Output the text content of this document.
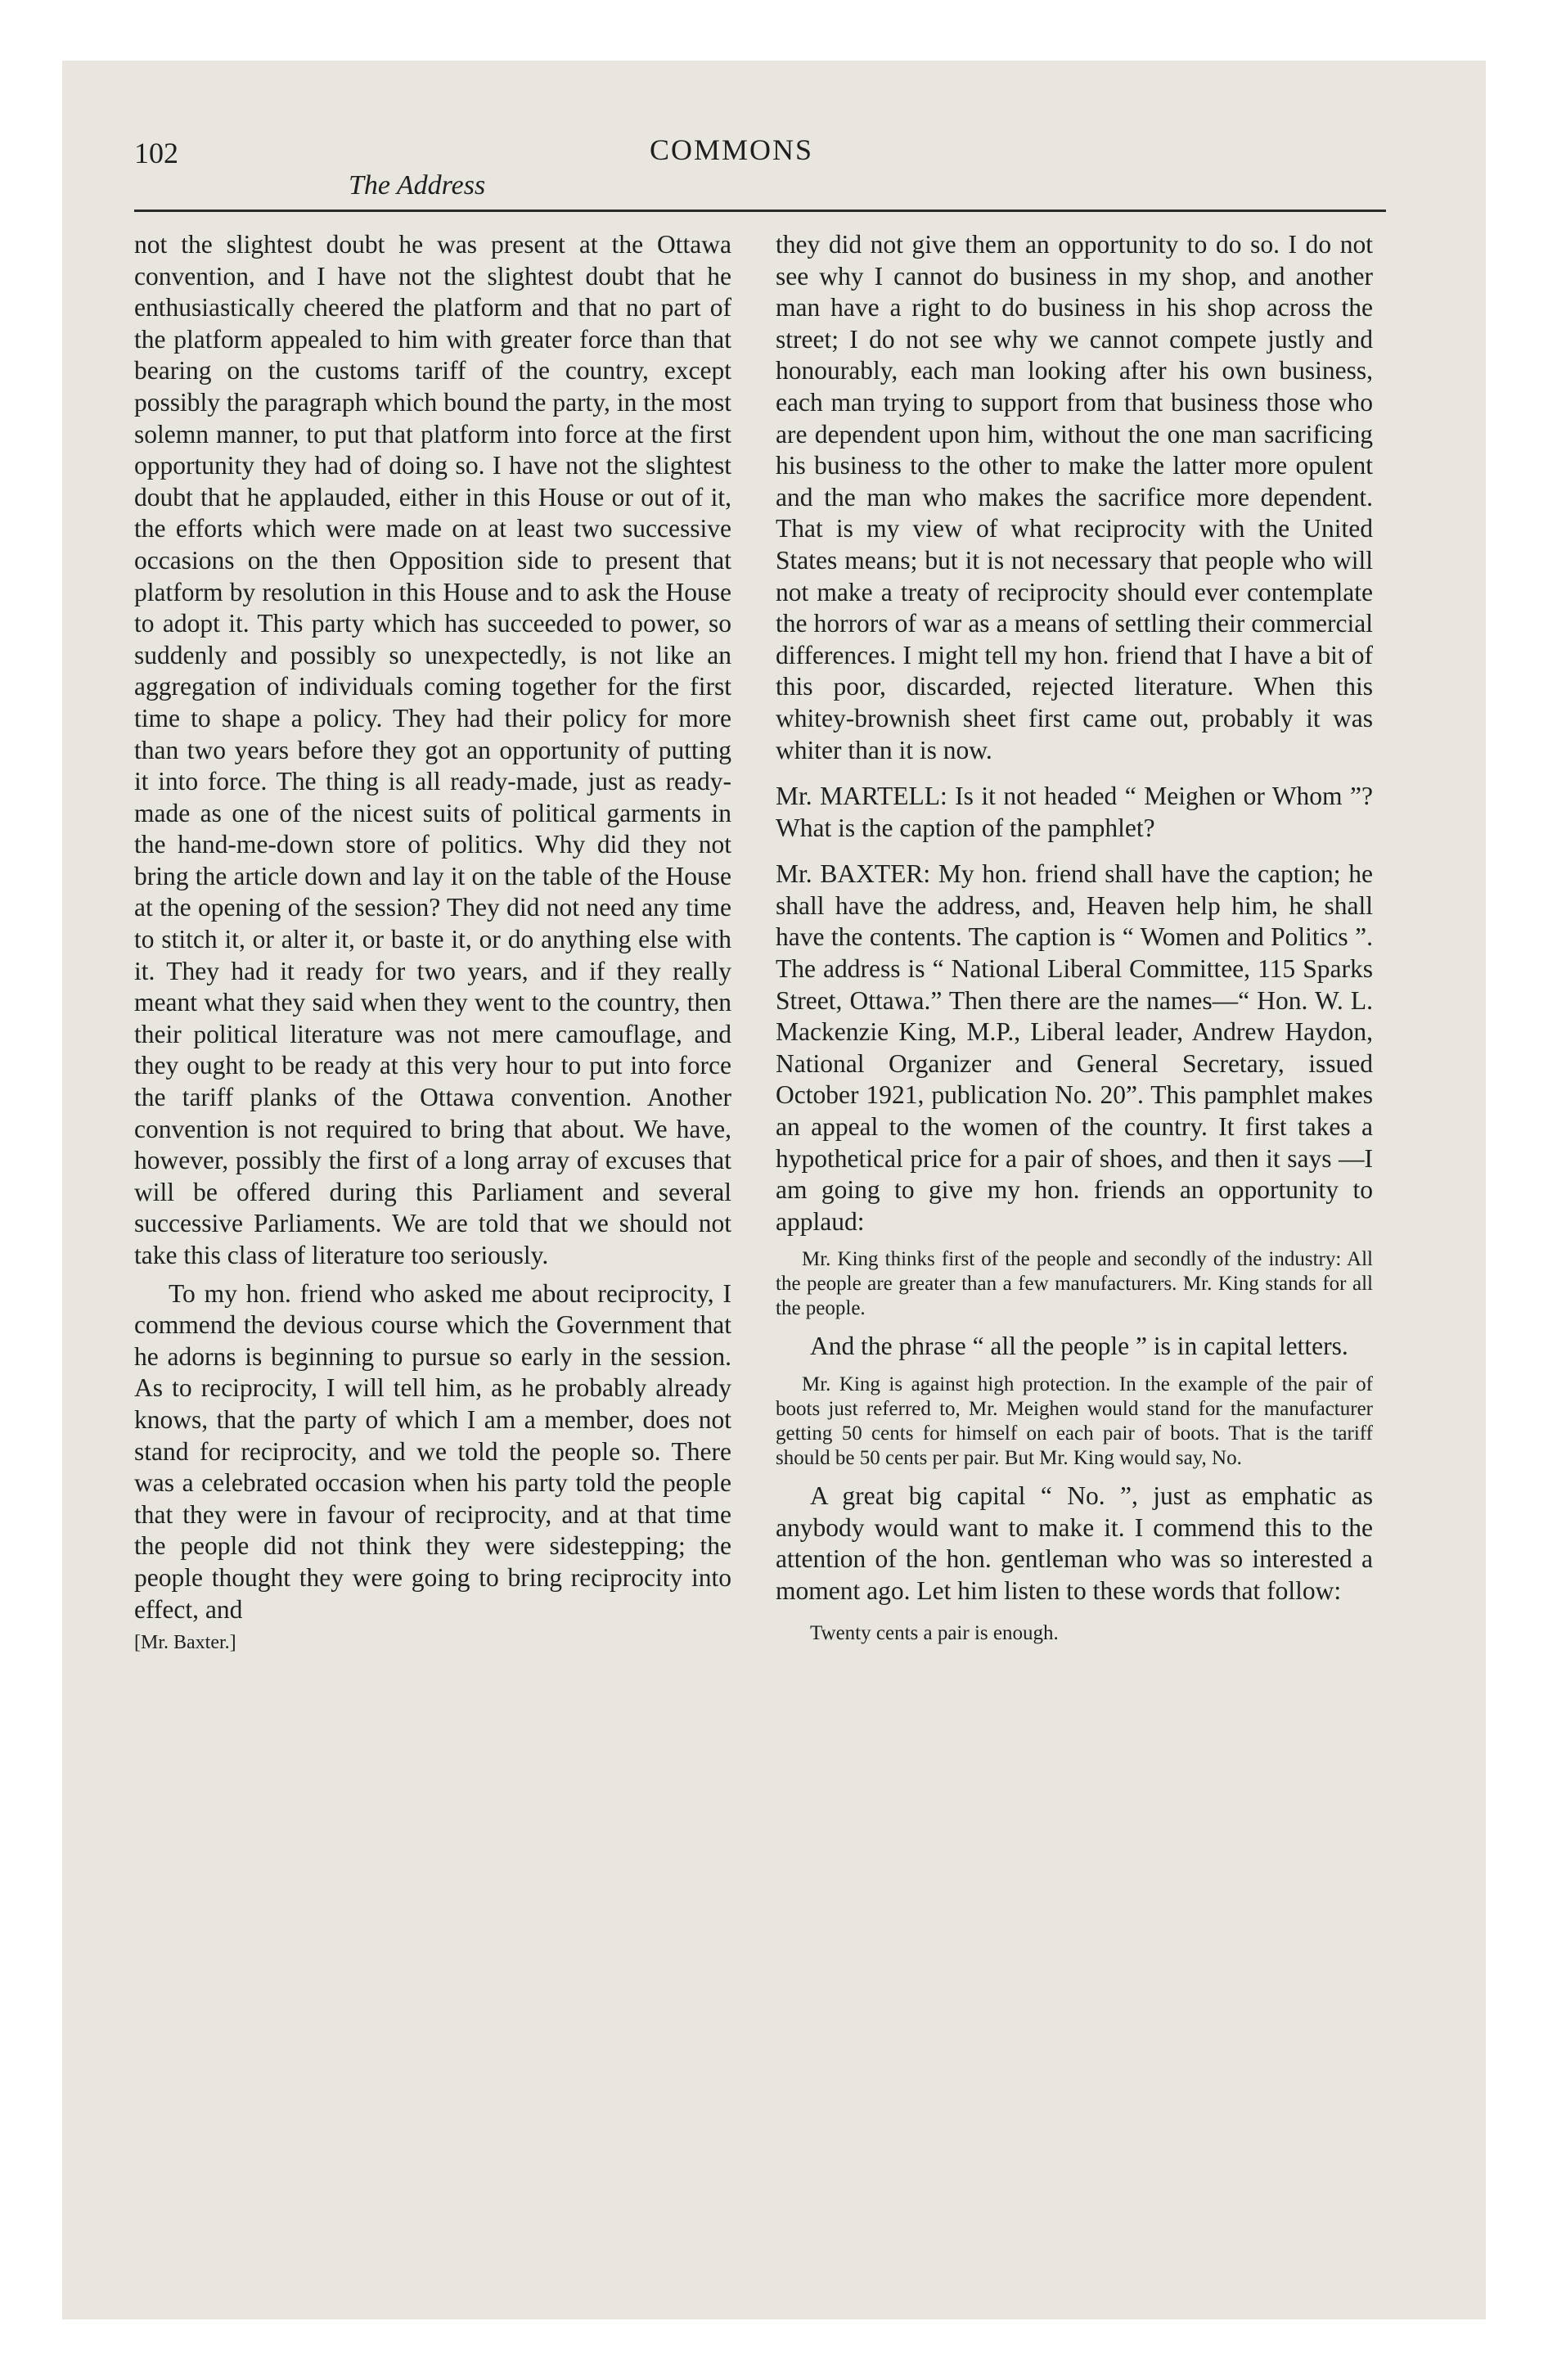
102	COMMONS
The Address

not the slightest doubt he was present at the Ottawa convention, and I have not the slightest doubt that he enthusiastically cheered the platform and that no part of the platform appealed to him with greater force than that bearing on the customs tariff of the country, except possibly the paragraph which bound the party, in the most solemn manner, to put that platform into force at the first opportunity they had of doing so. I have not the slightest doubt that he applauded, either in this House or out of it, the efforts which were made on at least two successive occasions on the then Opposition side to present that platform by resolution in this House and to ask the House to adopt it. This party which has succeeded to power, so suddenly and possibly so unexpectedly, is not like an aggregation of individuals coming together for the first time to shape a policy. They had their policy for more than two years before they got an opportunity of putting it into force. The thing is all ready-made, just as ready-made as one of the nicest suits of political garments in the hand-me-down store of politics. Why did they not bring the article down and lay it on the table of the House at the opening of the session? They did not need any time to stitch it, or alter it, or baste it, or do anything else with it. They had it ready for two years, and if they really meant what they said when they went to the country, then their political literature was not mere camouflage, and they ought to be ready at this very hour to put into force the tariff planks of the Ottawa convention. Another convention is not required to bring that about. We have, however, possibly the first of a long array of excuses that will be offered during this Parliament and several successive Parliaments. We are told that we should not take this class of literature too seriously.

To my hon. friend who asked me about reciprocity, I commend the devious course which the Government that he adorns is beginning to pursue so early in the session. As to reciprocity, I will tell him, as he probably already knows, that the party of which I am a member, does not stand for reciprocity, and we told the people so. There was a celebrated occasion when his party told the people that they were in favour of reciprocity, and at that time the people did not think they were sidestepping; the people thought they were going to bring reciprocity into effect, and

[Mr. Baxter.]

they did not give them an opportunity to do so. I do not see why I cannot do business in my shop, and another man have a right to do business in his shop across the street; I do not see why we cannot compete justly and honourably, each man looking after his own business, each man trying to support from that business those who are dependent upon him, without the one man sacrificing his business to the other to make the latter more opulent and the man who makes the sacrifice more dependent. That is my view of what reciprocity with the United States means; but it is not necessary that people who will not make a treaty of reciprocity should ever contemplate the horrors of war as a means of settling their commercial differences. I might tell my hon. friend that I have a bit of this poor, discarded, rejected literature. When this whitey-brownish sheet first came out, probably it was whiter than it is now.

Mr. MARTELL: Is it not headed “ Meighen or Whom ”? What is the caption of the pamphlet?

Mr. BAXTER: My hon. friend shall have the caption; he shall have the address, and, Heaven help him, he shall have the contents. The caption is “ Women and Politics ”. The address is “ National Liberal Committee, 115 Sparks Street, Ottawa.” Then there are the names—“ Hon. W. L. Mackenzie King, M.P., Liberal leader, Andrew Haydon, National Organizer and General Secretary, issued October 1921, publication No. 20”. This pamphlet makes an appeal to the women of the country. It first takes a hypothetical price for a pair of shoes, and then it says —I am going to give my hon. friends an opportunity to applaud:

Mr. King thinks first of the people and secondly of the industry: All the people are greater than a few manufacturers. Mr. King stands for all the people.

And the phrase “ all the people ” is in capital letters.

Mr. King is against high protection. In the example of the pair of boots just referred to, Mr. Meighen would stand for the manufacturer getting 50 cents for himself on each pair of boots. That is the tariff should be 50 cents per pair. But Mr. King would say, No.

A great big capital “ No. ”, just as emphatic as anybody would want to make it. I commend this to the attention of the hon. gentleman who was so interested a moment ago. Let him listen to these words that follow:

Twenty cents a pair is enough.
